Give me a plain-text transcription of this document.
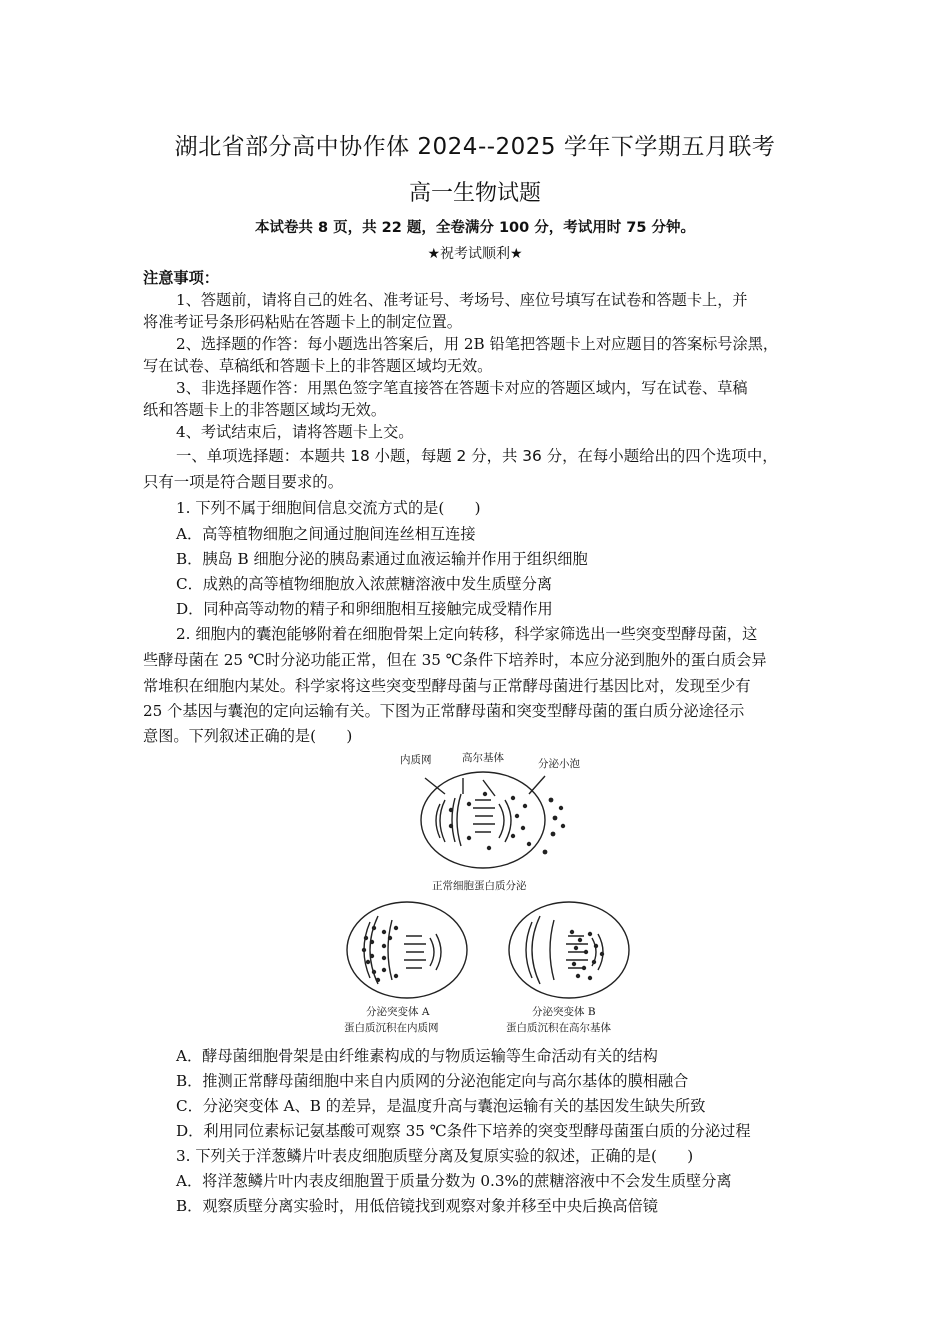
湖北省部分高中协作体 2024--2025 学年下学期五月联考
高一生物试题
本试卷共 8 页，共 22 题，全卷满分 100 分，考试用时 75 分钟。
★祝考试顺利★
注意事项：
1、答题前，请将自己的姓名、准考证号、考场号、座位号填写在试卷和答题卡上，并
将准考证号条形码粘贴在答题卡上的制定位置。
2、选择题的作答：每小题选出答案后，用 2B 铅笔把答题卡上对应题目的答案标号涂黑，
写在试卷、草稿纸和答题卡上的非答题区域均无效。
3、非选择题作答：用黑色签字笔直接答在答题卡对应的答题区域内，写在试卷、草稿
纸和答题卡上的非答题区域均无效。
4、考试结束后，请将答题卡上交。
一、单项选择题：本题共 18 小题，每题 2 分，共 36 分，在每小题给出的四个选项中，
只有一项是符合题目要求的。
1. 下列不属于细胞间信息交流方式的是(　　)
A．高等植物细胞之间通过胞间连丝相互连接
B．胰岛 B 细胞分泌的胰岛素通过血液运输并作用于组织细胞
C．成熟的高等植物细胞放入浓蔗糖溶液中发生质壁分离
D．同种高等动物的精子和卵细胞相互接触完成受精作用
2. 细胞内的囊泡能够附着在细胞骨架上定向转移，科学家筛选出一些突变型酵母菌，这
些酵母菌在 25 ℃时分泌功能正常，但在 35 ℃条件下培养时，本应分泌到胞外的蛋白质会异
常堆积在细胞内某处。科学家将这些突变型酵母菌与正常酵母菌进行基因比对，发现至少有
25 个基因与囊泡的定向运输有关。下图为正常酵母菌和突变型酵母菌的蛋白质分泌途径示
意图。下列叙述正确的是(　　)
内质网	高尔基体	分泌小泡
正常细胞蛋白质分泌
分泌突变体 A
蛋白质沉积在内质网
分泌突变体 B
蛋白质沉积在高尔基体
A．酵母菌细胞骨架是由纤维素构成的与物质运输等生命活动有关的结构
B．推测正常酵母菌细胞中来自内质网的分泌泡能定向与高尔基体的膜相融合
C．分泌突变体 A、B 的差异，是温度升高与囊泡运输有关的基因发生缺失所致
D．利用同位素标记氨基酸可观察 35 ℃条件下培养的突变型酵母菌蛋白质的分泌过程
3. 下列关于洋葱鳞片叶表皮细胞质壁分离及复原实验的叙述，正确的是(　　)
A．将洋葱鳞片叶内表皮细胞置于质量分数为 0.3%的蔗糖溶液中不会发生质壁分离
B．观察质壁分离实验时，用低倍镜找到观察对象并移至中央后换高倍镜
